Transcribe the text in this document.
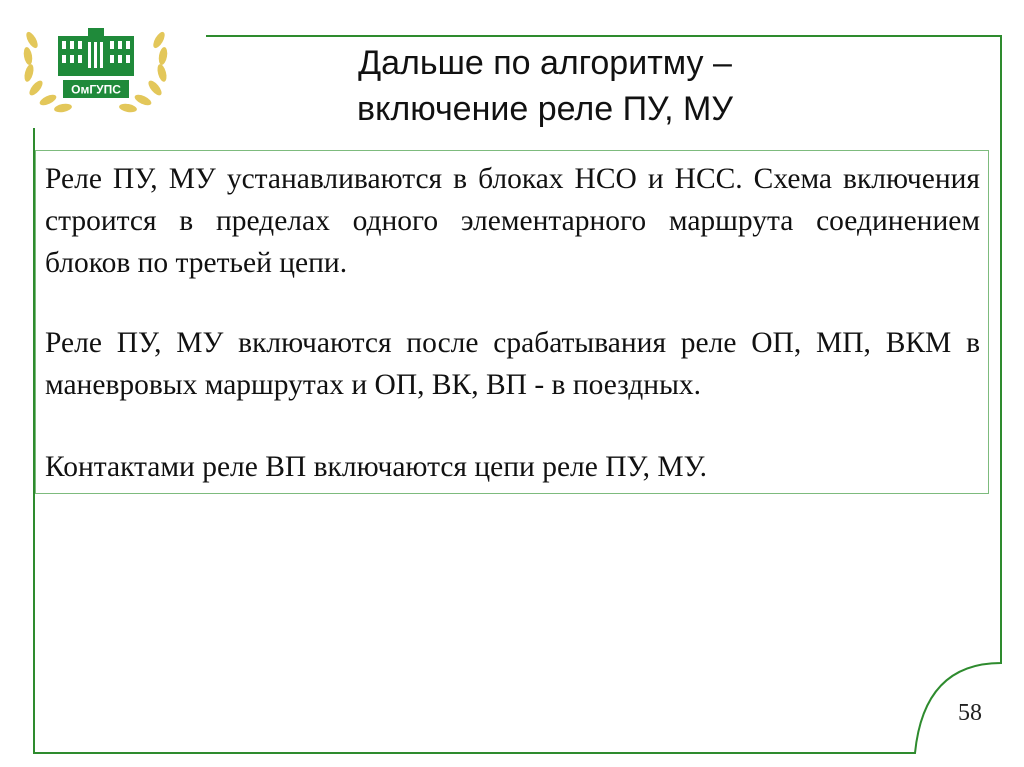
ОмГУПС
Дальше по алгоритму –
включение реле ПУ, МУ
Реле ПУ, МУ устанавливаются в блоках НСО и НСС. Схема включения строится в пределах одного элементарного маршрута соединением блоков по третьей цепи.
Реле ПУ, МУ включаются после срабатывания реле ОП, МП, ВКМ в маневровых маршрутах и ОП, ВК, ВП - в поездных.
Контактами реле ВП включаются цепи реле ПУ, МУ.
58
